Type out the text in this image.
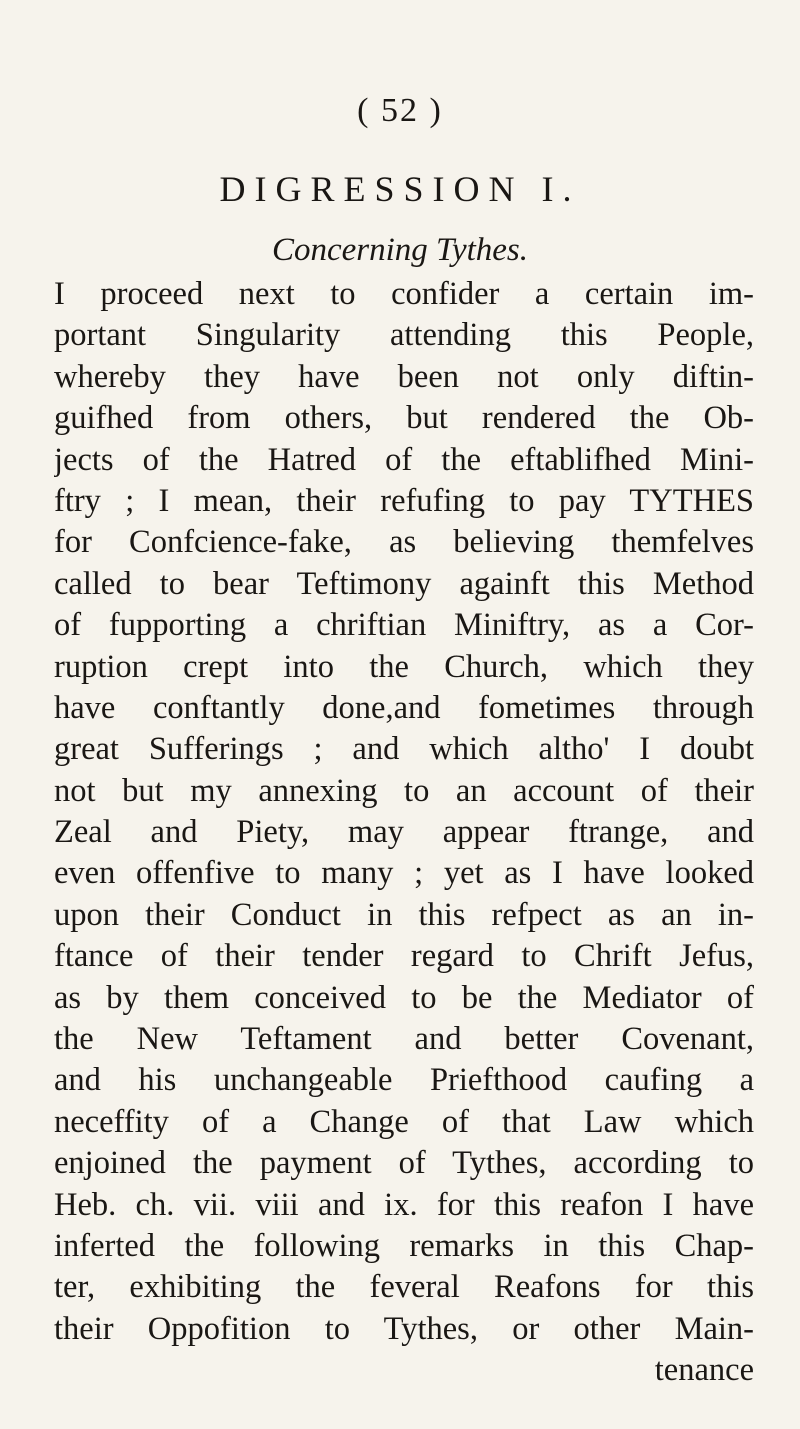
( 52 )
DIGRESSION I.
Concerning Tythes.
I proceed next to confider a certain im-
portant Singularity attending this People,
whereby they have been not only diftin-
guifhed from others, but rendered the Ob-
jects of the Hatred of the eftablifhed Mini-
ftry ; I mean, their refufing to pay TYTHES
for Confcience-fake, as believing themfelves
called to bear Teftimony againft this Method
of fupporting a chriftian Miniftry, as a Cor-
ruption crept into the Church, which they
have conftantly done,and fometimes through
great Sufferings ; and which altho' I doubt
not but my annexing to an account of their
Zeal and Piety, may appear ftrange, and
even offenfive to many ; yet as I have looked
upon their Conduct in this refpect as an in-
ftance of their tender regard to Chrift Jefus,
as by them conceived to be the Mediator of
the New Teftament and better Covenant,
and his unchangeable Priefthood caufing a
neceffity of a Change of that Law which
enjoined the payment of Tythes, according to
Heb. ch. vii. viii and ix. for this reafon I have
inferted the following remarks in this Chap-
ter, exhibiting the feveral Reafons for this
their Oppofition to Tythes, or other Main-
tenance
